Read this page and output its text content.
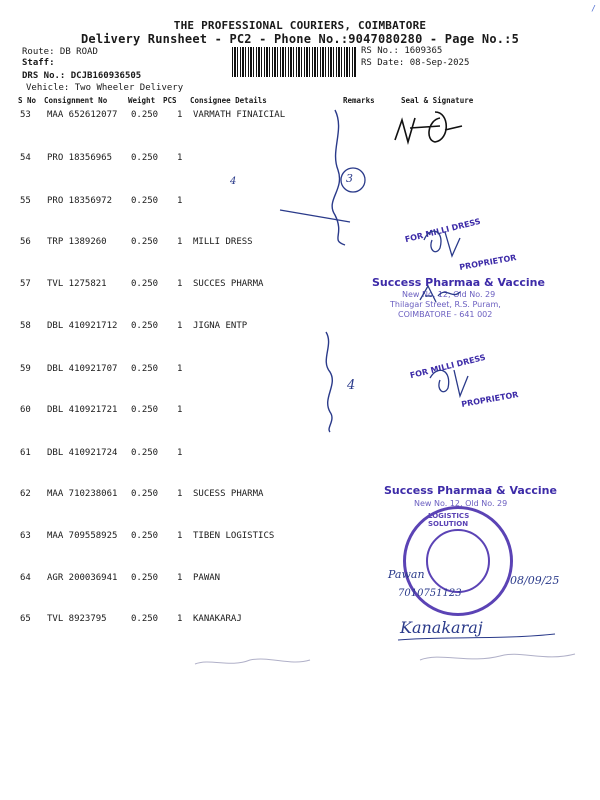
/
THE PROFESSIONAL COURIERS, COIMBATORE
Delivery Runsheet - PC2 - Phone No.:9047080280 - Page No.:5
Route: DB ROAD
Staff:
DRS No.: DCJB160936505
Vehicle: Two Wheeler Delivery
RS No.: 1609365
RS Date: 08-Sep-2025
S No Consignment No	Weight PCS Consignee Details	Remarks	Seal & Signature
53 MAA 652612077 0.250 1 VARMATH FINAICIAL
54 PRO 18356965 0.250 1
55 PRO 18356972 0.250 1
56 TRP 1389260	0.250 1 MILLI DRESS
57 TVL 1275821	0.250 1 SUCCES PHARMA
58 DBL 410921712 0.250 1 JIGNA ENTP
59 DBL 410921707 0.250 1
60 DBL 410921721 0.250 1
61 DBL 410921724 0.250 1
62 MAA 710238061 0.250 1 SUCESS PHARMA
63 MAA 709558925 0.250 1 TIBEN LOGISTICS
64 AGR 200036941 0.250 1 PAWAN
65 TVL 8923795	0.250 1 KANAKARAJ
FOR MILLI DRESS
PROPRIETOR
Success Pharmaa & Vaccine
New No. 12, Old No. 29
Thilagar Street, R.S. Puram,
COIMBATORE - 641 002
FOR MILLI DRESS
PROPRIETOR
Success Pharmaa & Vaccine
New No. 12, Old No. 29
LOGISTICS SOLUTION
3
4
4
Pawan
7010751123
08/09/25
Kanakaraj
